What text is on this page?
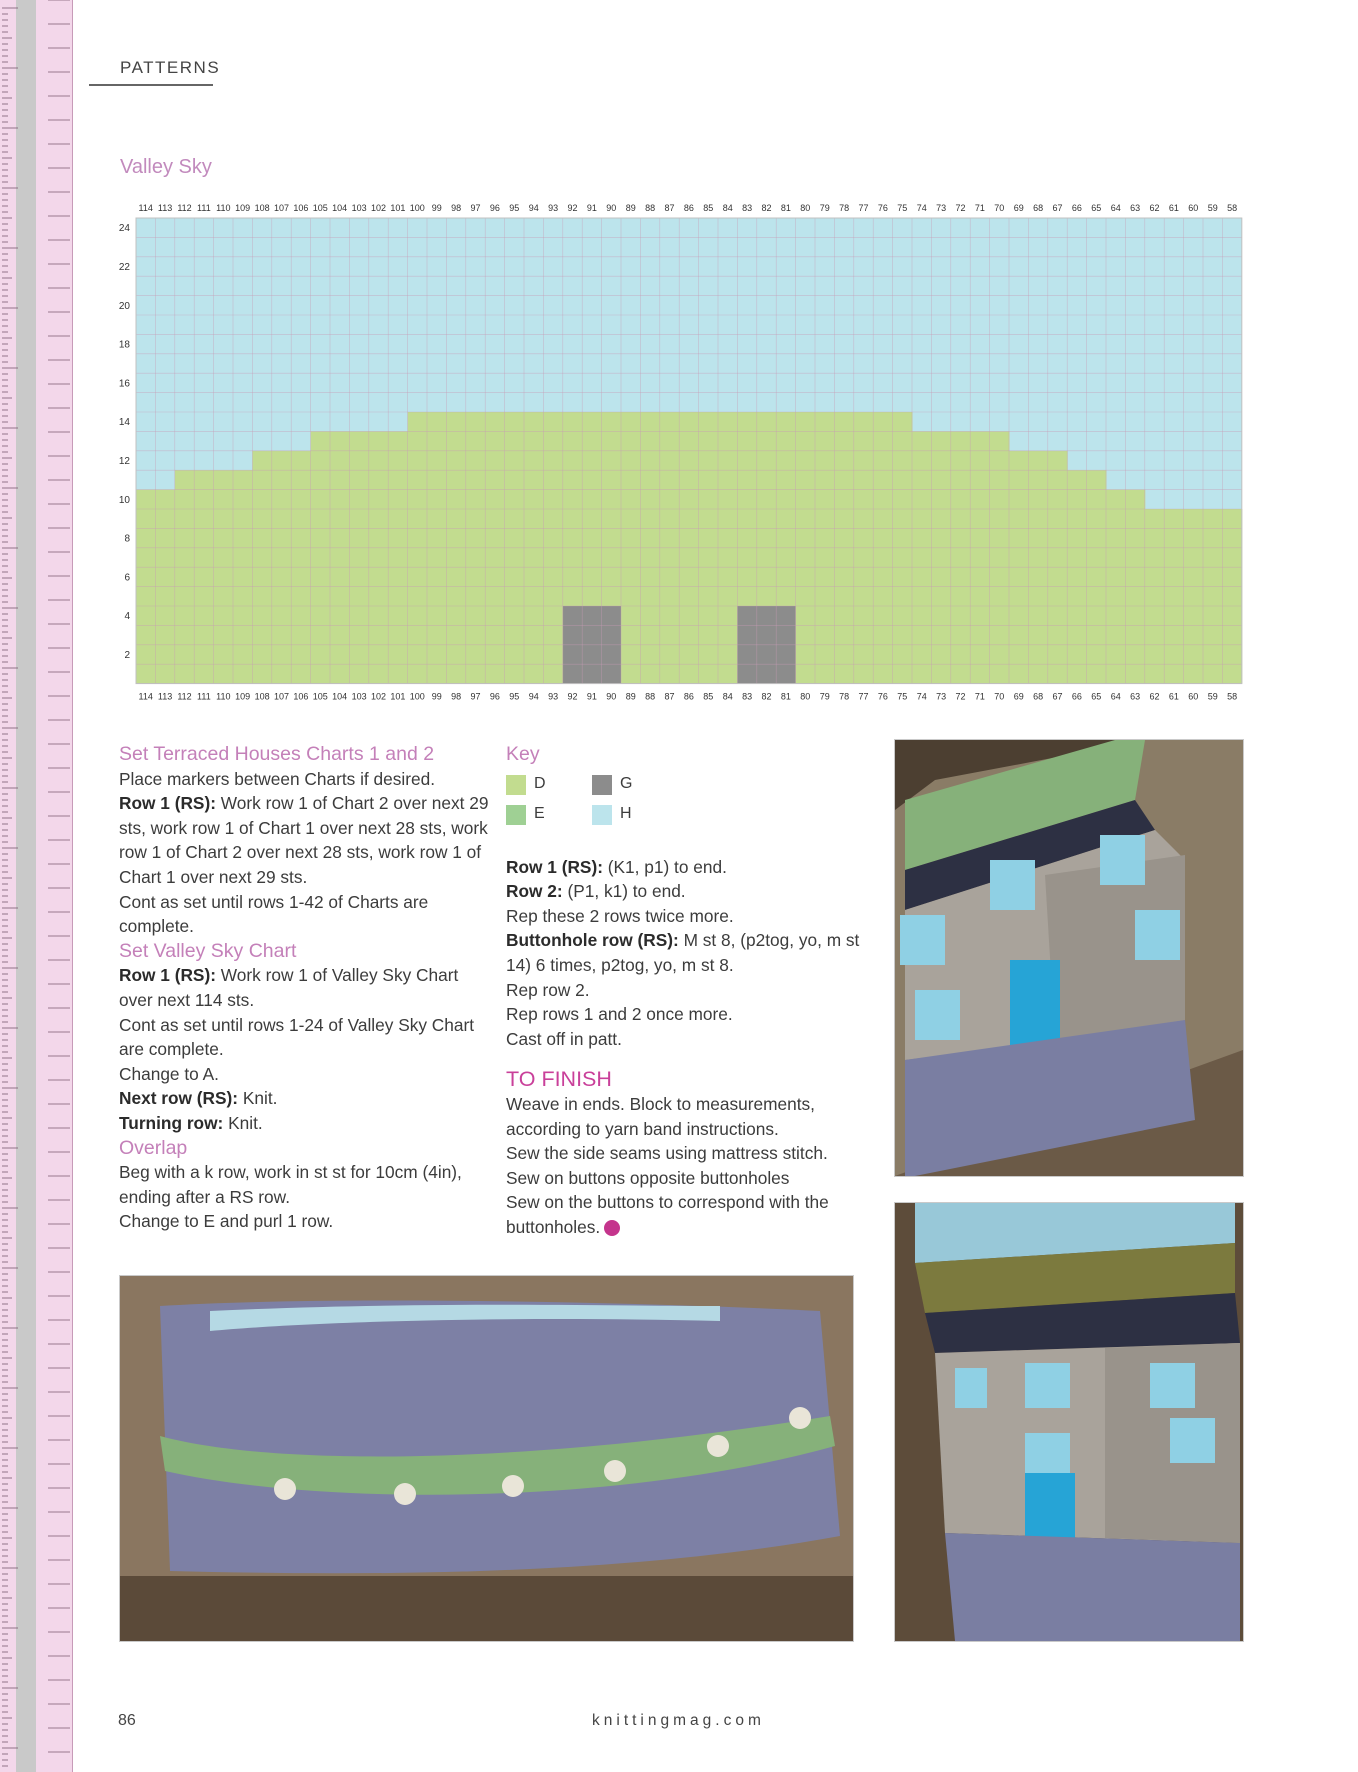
PATTERNS
Valley Sky
114
114
113
113
112
112
111
111
110
110
109
109
108
108
107
107
106
106
105
105
104
104
103
103
102
102
101
101
100
100
99
99
98
98
97
97
96
96
95
95
94
94
93
93
92
92
91
91
90
90
89
89
88
88
87
87
86
86
85
85
84
84
83
83
82
82
81
81
80
80
79
79
78
78
77
77
76
76
75
75
74
74
73
73
72
72
71
71
70
70
69
69
68
68
67
67
66
66
65
65
64
64
63
63
62
62
61
61
60
60
59
59
58
58
24
22
20
18
16
14
12
10
8
6
4
2
Set Terraced Houses Charts 1 and 2

Place markers between Charts if desired.

Row 1 (RS): Work row 1 of Chart 2 over next 29 sts, work row 1 of Chart 1 over next 28 sts, work row 1 of Chart 2 over next 28 sts, work row 1 of Chart 1 over next 29 sts.

Cont as set until rows 1-42 of Charts are complete.

Set Valley Sky Chart

Row 1 (RS): Work row 1 of Valley Sky Chart over next 114 sts.

Cont as set until rows 1-24 of Valley Sky Chart are complete.

Change to A.

Next row (RS): Knit.

Turning row: Knit.

Overlap

Beg with a k row, work in st st for 10cm (4in), ending after a RS row.

Change to E and purl 1 row.

Key
D	G
E	H

Row 1 (RS): (K1, p1) to end.

Row 2: (P1, k1) to end.

Rep these 2 rows twice more.

Buttonhole row (RS): M st 8, (p2tog, yo, m st 14) 6 times, p2tog, yo, m st 8.

Rep row 2.

Rep rows 1 and 2 once more.

Cast off in patt.

TO FINISH

Weave in ends. Block to measurements, according to yarn band instructions.

Sew the side seams using mattress stitch.

Sew on buttons opposite buttonholes

Sew on the buttons to correspond with the buttonholes.

86	knittingmag.com
